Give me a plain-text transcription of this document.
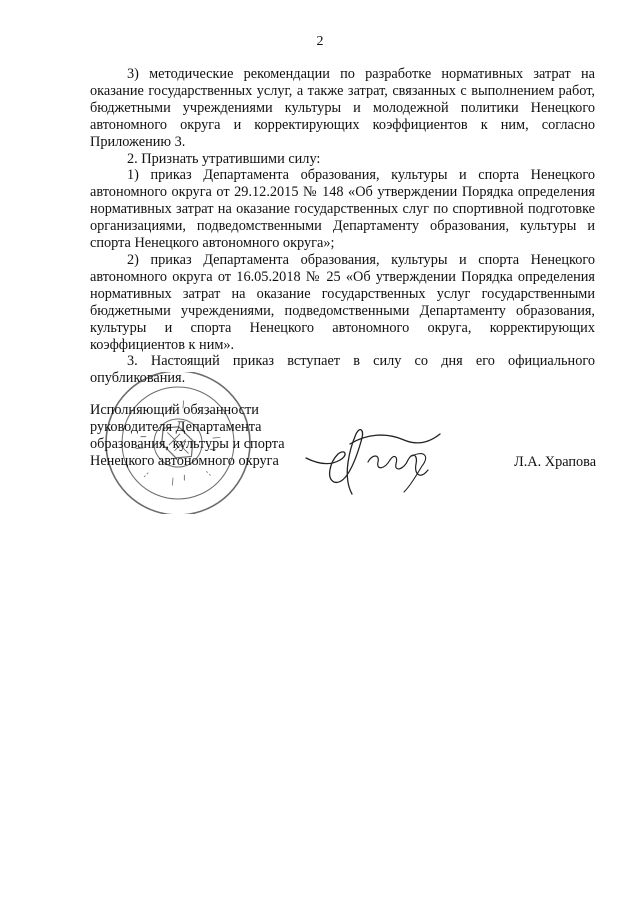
2

3) методические рекомендации по разработке нормативных затрат на оказание государственных услуг, а также затрат, связанных с выполнением работ, бюджетными учреждениями культуры и молодежной политики Ненецкого автономного округа и корректирующих коэффициентов к ним, согласно Приложению 3.

2. Признать утратившими силу:

1) приказ Департамента образования, культуры и спорта Ненецкого автономного округа от 29.12.2015 № 148 «Об утверждении Порядка определения нормативных затрат на оказание государственных слуг по спортивной подготовке организациями, подведомственными Департаменту образования, культуры и спорта Ненецкого автономного округа»;

2) приказ Департамента образования, культуры и спорта Ненецкого автономного округа от 16.05.2018 № 25 «Об утверждении Порядка определения нормативных затрат на оказание государственных услуг государственными бюджетными учреждениями, подведомственными Департаменту образования, культуры и спорта Ненецкого автономного округа, корректирующих коэффициентов к ним».

3. Настоящий приказ вступает в силу со дня его официального опубликования.

Исполняющий обязанности
руководителя Департамента
образования, культуры и спорта
Ненецкого автономного округа	Л.А. Храпова
